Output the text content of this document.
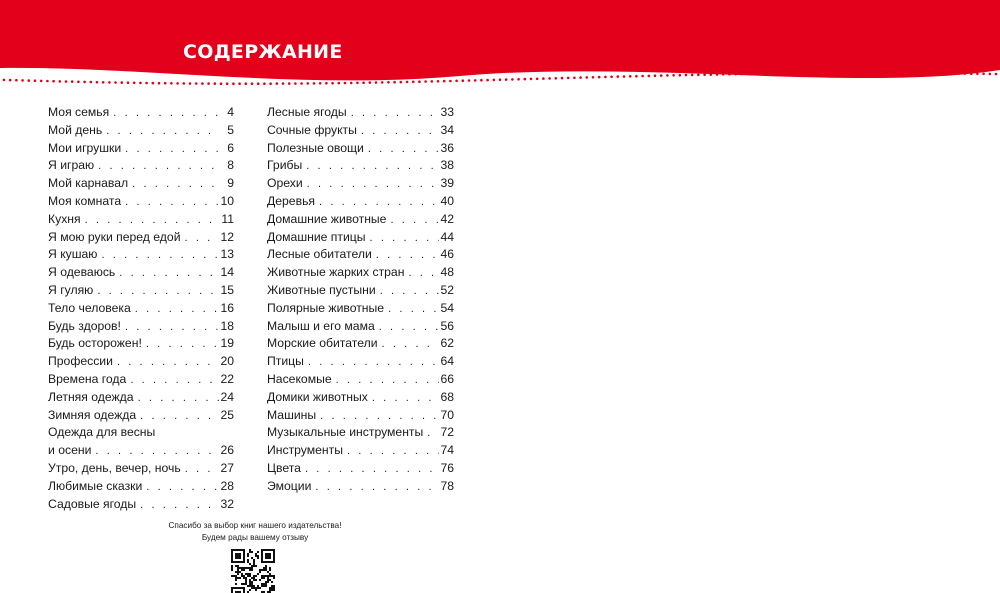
СОДЕРЖАНИЕ
Моя семья . . .	4
Мой день . . .	5
Мои игрушки . . .	6
Я играю . . .	8
Мой карнавал . . .	9
Моя комната . . .	10
Кухня . . .	11
Я мою руки перед едой . . .	12
Я кушаю . . .	13
Я одеваюсь . . .	14
Я гуляю . . .	15
Тело человека . . .	16
Будь здоров! . . .	18
Будь осторожен! . . .	19
Профессии . . .	20
Времена года . . .	22
Летняя одежда . . .	24
Зимняя одежда . . .	25
Одежда для весны
и осени . . .	26
Утро, день, вечер, ночь . . .	27
Любимые сказки . . .	28
Садовые ягоды . . .	32
Лесные ягоды . . .	33
Сочные фрукты . . .	34
Полезные овощи . . .	36
Грибы . . .	38
Орехи . . .	39
Деревья . . .	40
Домашние животные . . .	42
Домашние птицы . . .	44
Лесные обитатели . . .	46
Животные жарких стран . . .	48
Животные пустыни . . .	52
Полярные животные . . .	54
Малыш и его мама . . .	56
Морские обитатели . . .	62
Птицы . . .	64
Насекомые . . .	66
Домики животных . . .	68
Машины . . .	70
Музыкальные инструменты . . .	72
Инструменты . . .	74
Цвета . . .	76
Эмоции . . .	78
Спасибо за выбор книг нашего издательства!
Будем рады вашему отзыву
